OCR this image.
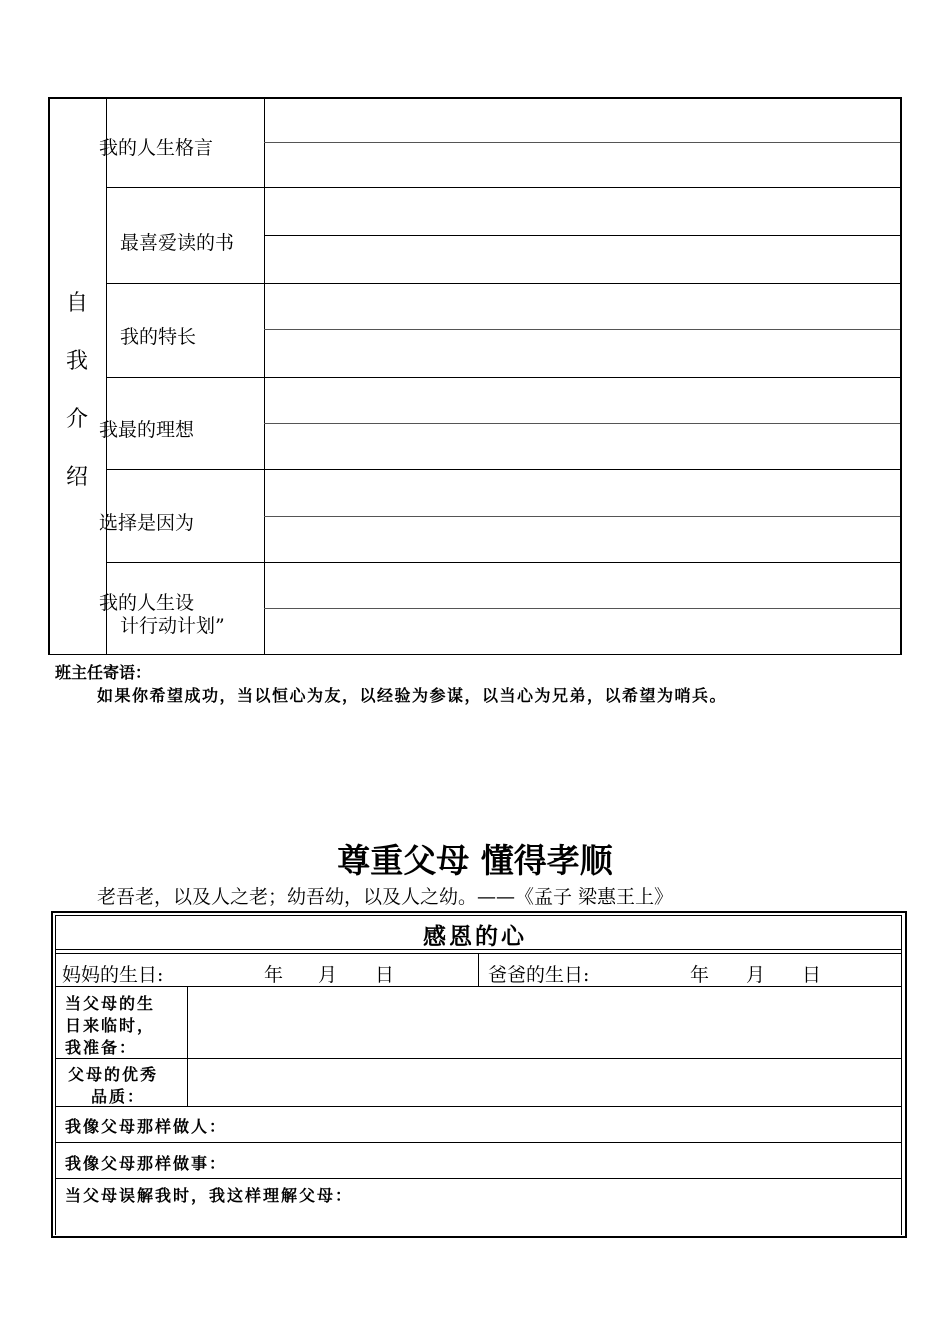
自
我
介
绍
我的人生格言
最喜爱读的书
我的特长
我最的理想
选择是因为
我的人生设
计行动计划”
班主任寄语：
如果你希望成功，当以恒心为友，以经验为参谋，以当心为兄弟，以希望为哨兵。
尊重父母 懂得孝顺
老吾老，以及人之老；幼吾幼，以及人之幼。——《孟子 梁惠王上》
感恩的心
妈妈的生日:	年 月 日	爸爸的生日:	年 月 日
当父母的生
日来临时，
我准备：
父母的优秀
品质：
我像父母那样做人：
我像父母那样做事：
当父母误解我时，我这样理解父母：
